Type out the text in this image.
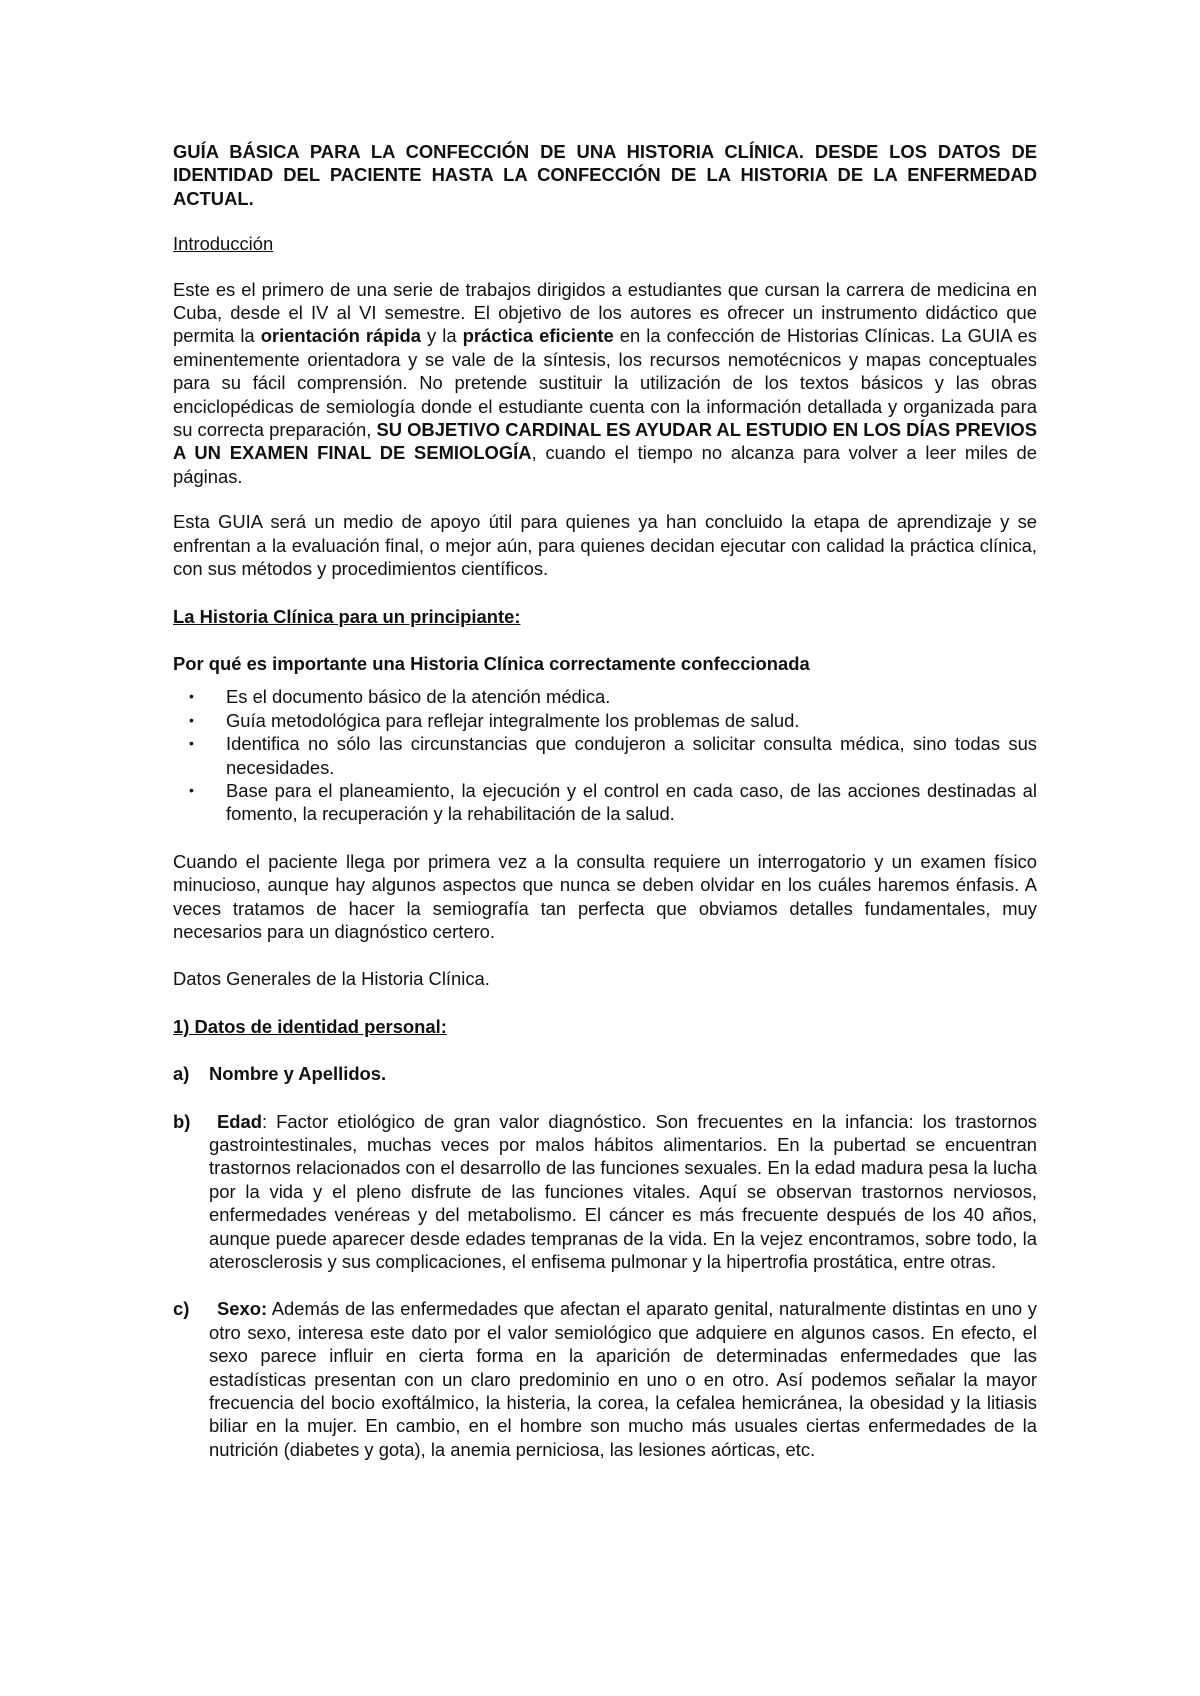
GUÍA BÁSICA PARA LA CONFECCIÓN DE UNA HISTORIA CLÍNICA. DESDE LOS DATOS DE IDENTIDAD DEL PACIENTE HASTA LA CONFECCIÓN DE LA HISTORIA DE LA ENFERMEDAD ACTUAL.

Introducción

Este es el primero de una serie de trabajos dirigidos a estudiantes que cursan la carrera de medicina en Cuba, desde el IV al VI semestre. El objetivo de los autores es ofrecer un instrumento didáctico que permita la orientación rápida y la práctica eficiente en la confección de Historias Clínicas. La GUIA es eminentemente orientadora y se vale de la síntesis, los recursos nemotécnicos y mapas conceptuales para su fácil comprensión. No pretende sustituir la utilización de los textos básicos y las obras enciclopédicas de semiología donde el estudiante cuenta con la información detallada y organizada para su correcta preparación, SU OBJETIVO CARDINAL ES AYUDAR AL ESTUDIO EN LOS DÍAS PREVIOS A UN EXAMEN FINAL DE SEMIOLOGÍA, cuando el tiempo no alcanza para volver a leer miles de páginas.

Esta GUIA será un medio de apoyo útil para quienes ya han concluido la etapa de aprendizaje y se enfrentan a la evaluación final, o mejor aún, para quienes decidan ejecutar con calidad la práctica clínica, con sus métodos y procedimientos científicos.

La Historia Clínica para un principiante:

Por qué es importante una Historia Clínica correctamente confeccionada

• Es el documento básico de la atención médica.
• Guía metodológica para reflejar integralmente los problemas de salud.
• Identifica no sólo las circunstancias que condujeron a solicitar consulta médica, sino todas sus necesidades.
• Base para el planeamiento, la ejecución y el control en cada caso, de las acciones destinadas al fomento, la recuperación y la rehabilitación de la salud.

Cuando el paciente llega por primera vez a la consulta requiere un interrogatorio y un examen físico minucioso, aunque hay algunos aspectos que nunca se deben olvidar en los cuáles haremos énfasis. A veces tratamos de hacer la semiografía tan perfecta que obviamos detalles fundamentales, muy necesarios para un diagnóstico certero.

Datos Generales de la Historia Clínica.

1) Datos de identidad personal:

a) Nombre y Apellidos.
b) Edad: Factor etiológico de gran valor diagnóstico. Son frecuentes en la infancia: los trastornos gastrointestinales, muchas veces por malos hábitos alimentarios. En la pubertad se encuentran trastornos relacionados con el desarrollo de las funciones sexuales. En la edad madura pesa la lucha por la vida y el pleno disfrute de las funciones vitales. Aquí se observan trastornos nerviosos, enfermedades venéreas y del metabolismo. El cáncer es más frecuente después de los 40 años, aunque puede aparecer desde edades tempranas de la vida. En la vejez encontramos, sobre todo, la aterosclerosis y sus complicaciones, el enfisema pulmonar y la hipertrofia prostática, entre otras.
c) Sexo: Además de las enfermedades que afectan el aparato genital, naturalmente distintas en uno y otro sexo, interesa este dato por el valor semiológico que adquiere en algunos casos. En efecto, el sexo parece influir en cierta forma en la aparición de determinadas enfermedades que las estadísticas presentan con un claro predominio en uno o en otro. Así podemos señalar la mayor frecuencia del bocio exoftálmico, la histeria, la corea, la cefalea hemicránea, la obesidad y la litiasis biliar en la mujer. En cambio, en el hombre son mucho más usuales ciertas enfermedades de la nutrición (diabetes y gota), la anemia perniciosa, las lesiones aórticas, etc.
